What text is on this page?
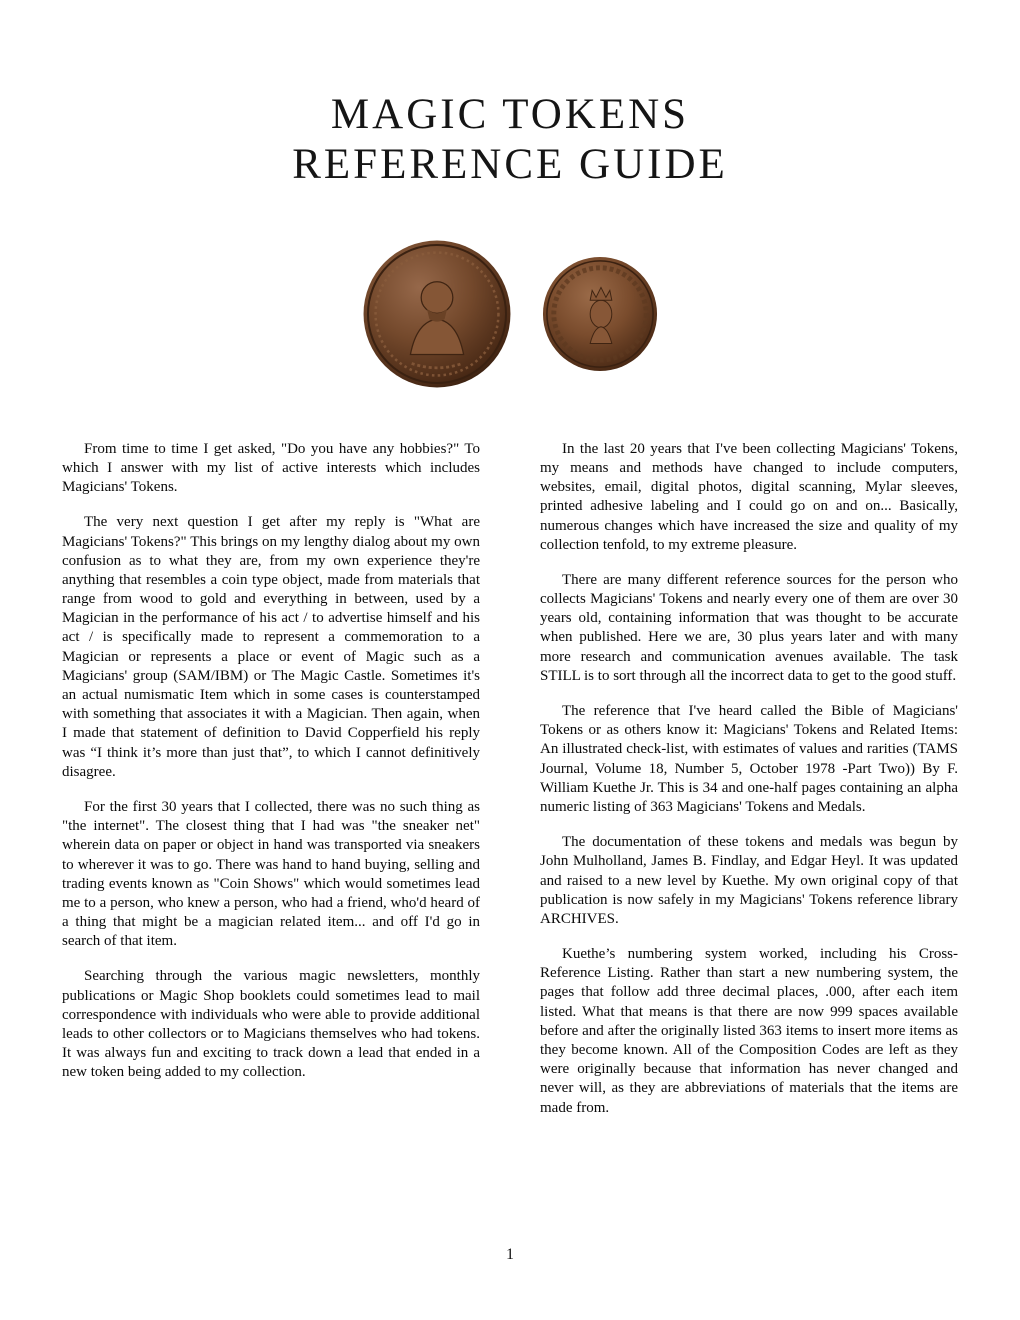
MAGIC TOKENS
REFERENCE GUIDE

From time to time I get asked, "Do you have any hobbies?" To which I answer with my list of active interests which includes Magicians' Tokens.

The very next question I get after my reply is "What are Magicians' Tokens?" This brings on my lengthy dialog about my own confusion as to what they are, from my own experience they're anything that resembles a coin type object, made from materials that range from wood to gold and everything in between, used by a Magician in the performance of his act / to advertise himself and his act / is specifically made to represent a commemoration to a Magician or represents a place or event of Magic such as a Magicians' group (SAM/IBM) or The Magic Castle. Sometimes it's an actual numismatic Item which in some cases is counterstamped with something that associates it with a Magician. Then again, when I made that statement of definition to David Copperfield his reply was “I think it’s more than just that”, to which I cannot definitively disagree.

For the first 30 years that I collected, there was no such thing as "the internet". The closest thing that I had was "the sneaker net" wherein data on paper or object in hand was transported via sneakers to wherever it was to go. There was hand to hand buying, selling and trading events known as "Coin Shows" which would sometimes lead me to a person, who knew a person, who had a friend, who'd heard of a thing that might be a magician related item... and off I'd go in search of that item.

Searching through the various magic newsletters, monthly publications or Magic Shop booklets could sometimes lead to mail correspondence with individuals who were able to provide additional leads to other collectors or to Magicians themselves who had tokens. It was always fun and exciting to track down a lead that ended in a new token being added to my collection.

In the last 20 years that I've been collecting Magicians' Tokens, my means and methods have changed to include computers, websites, email, digital photos, digital scanning, Mylar sleeves, printed adhesive labeling and I could go on and on... Basically, numerous changes which have increased the size and quality of my collection tenfold, to my extreme pleasure.

There are many different reference sources for the person who collects Magicians' Tokens and nearly every one of them are over 30 years old, containing information that was thought to be accurate when published. Here we are, 30 plus years later and with many more research and communication avenues available. The task STILL is to sort through all the incorrect data to get to the good stuff.

The reference that I've heard called the Bible of Magicians' Tokens or as others know it: Magicians' Tokens and Related Items: An illustrated check-list, with estimates of values and rarities (TAMS Journal, Volume 18, Number 5, October 1978 -Part Two)) By F. William Kuethe Jr. This is 34 and one-half pages containing an alpha numeric listing of 363 Magicians' Tokens and Medals.

The documentation of these tokens and medals was begun by John Mulholland, James B. Findlay, and Edgar Heyl. It was updated and raised to a new level by Kuethe. My own original copy of that publication is now safely in my Magicians' Tokens reference library ARCHIVES.

Kuethe’s numbering system worked, including his Cross-Reference Listing. Rather than start a new numbering system, the pages that follow add three decimal places, .000, after each item listed. What that means is that there are now 999 spaces available before and after the originally listed 363 items to insert more items as they become known. All of the Composition Codes are left as they were originally because that information has never changed and never will, as they are abbreviations of materials that the items are made from.

1
